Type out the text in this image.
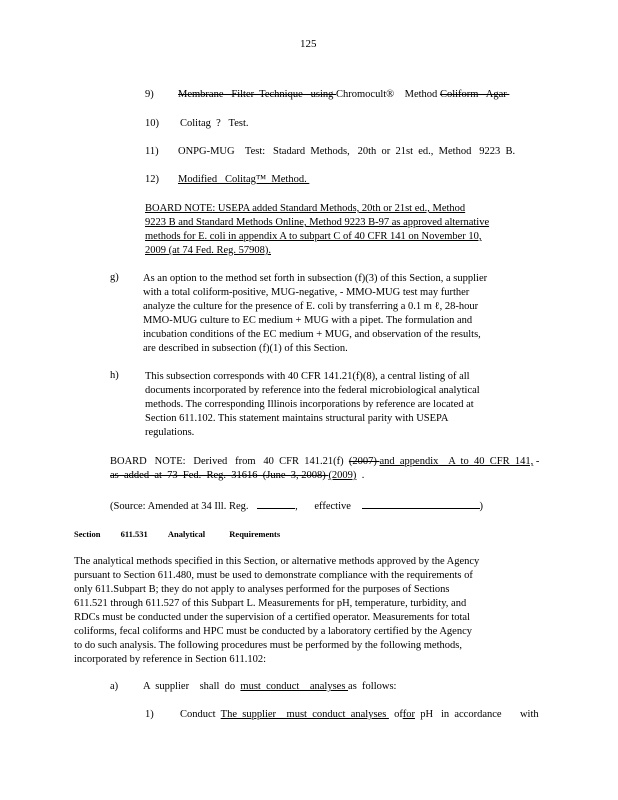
125
9) Membrane   Filter  Technique   using Chromocult®    Method Coliform   Agar
10) Colitag  ?   Test.
11) ONPG-MUG    Test:   Stadard  Methods,   20th  or  21st  ed.,  Method   9223  B.
12) Modified   Colitag™  Method.
BOARD NOTE: USEPA added Standard Methods, 20th or 21st ed., Method
9223 B and Standard Methods Online, Method 9223 B-97 as approved alternative
methods for E. coli in appendix A to subpart C of 40 CFR 141 on November 10,
2009 (at 74 Fed. Reg. 57908).
g) As an option to the method set forth in subsection (f)(3) of this Section, a supplier
with a total coliform-positive, MUG-negative, - MMO-MUG test may further
analyze the culture for the presence of E. coli by transferring a 0.1 m ℓ, 28-hour
MMO-MUG culture to EC medium + MUG with a pipet. The formulation and
incubation conditions of the EC medium + MUG, and observation of the results,
are described in subsection (f)(1) of this Section.
h)	This subsection corresponds with 40 CFR 141.21(f)(8), a central listing of all
documents incorporated by reference into the federal microbiological analytical
methods. The corresponding Illinois incorporations by reference are located at
Section 611.102. This statement maintains structural parity with USEPA
regulations.
BOARD   NOTE:   Derived   from   40  CFR  141.21(f)  (2007) and  appendix    A  to  40  CFR  141, -
as  added  at  73  Fed.  Reg.  31616  (June  3, 2008) (2009)  .
(Source: Amended at 34 Ill. Reg.	, effective	)
Section 611.531 Analytical	Requirements
The analytical methods specified in this Section, or alternative methods approved by the Agency
pursuant to Section 611.480, must be used to demonstrate compliance with the requirements of
only 611.Subpart B; they do not apply to analyses performed for the purposes of Sections
611.521 through 611.527 of this Subpart L. Measurements for pH, temperature, turbidity, and
RDCs must be conducted under the supervision of a certified operator. Measurements for total
coliforms, fecal coliforms and HPC must be conducted by a laboratory certified by the Agency
to do such analysis. The following procedures must be performed by the following methods,
incorporated by reference in Section 611.102:
a) A  supplier    shall  do  must  conduct    analyses as  follows:
1)	Conduct  The  supplier    must  conduct  analyses   offor  pH   in  accordance       with
